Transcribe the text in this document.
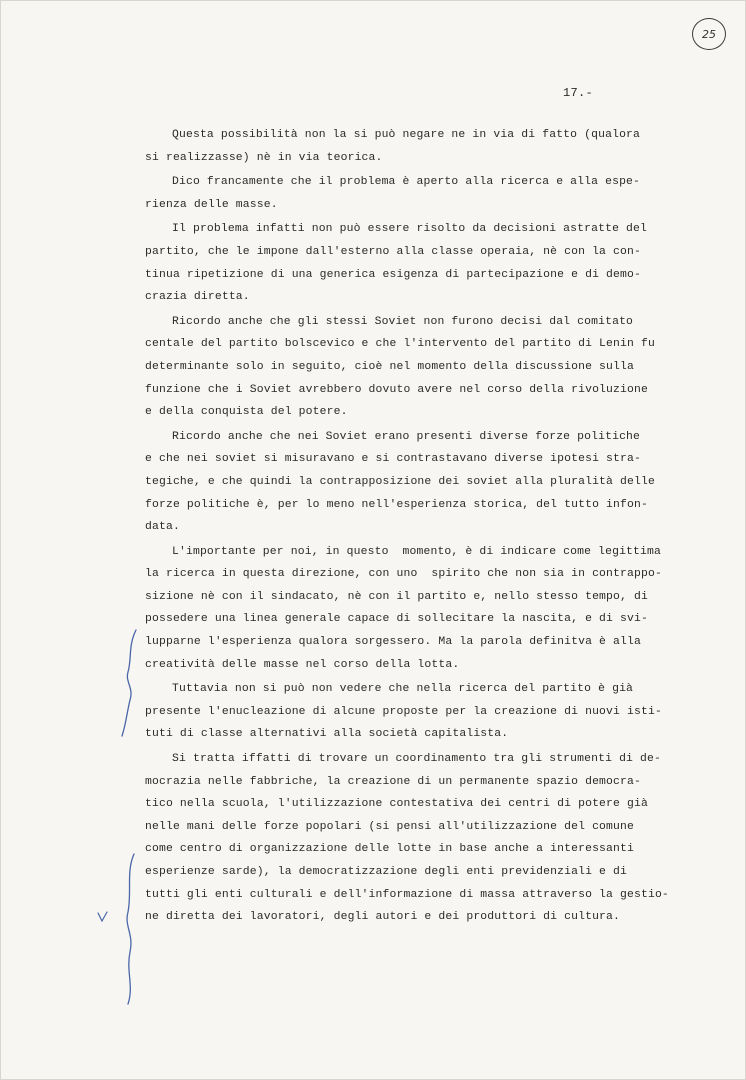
25
17.-
Questa possibilità non la si può negare ne in via di fatto (qualora
si realizzasse) nè in via teorica.
Dico francamente che il problema è aperto alla ricerca e alla espe-
rienza delle masse.
Il problema infatti non può essere risolto da decisioni astratte del
partito, che le impone dall'esterno alla classe operaia, nè con la con-
tinua ripetizione di una generica esigenza di partecipazione e di demo-
crazia diretta.
Ricordo anche che gli stessi Soviet non furono decisi dal comitato
centale del partito bolscevico e che l'intervento del partito di Lenin fu
determinante solo in seguito, cioè nel momento della discussione sulla
funzione che i Soviet avrebbero dovuto avere nel corso della rivoluzione
e della conquista del potere.
Ricordo anche che nei Soviet erano presenti diverse forze politiche
e che nei soviet si misuravano e si contrastavano diverse ipotesi stra-
tegiche, e che quindi la contrapposizione dei soviet alla pluralità delle
forze politiche è, per lo meno nell'esperienza storica, del tutto infon-
data.
L'importante per noi, in questo  momento, è di indicare come legittima
la ricerca in questa direzione, con uno  spirito che non sia in contrappo-
sizione nè con il sindacato, nè con il partito e, nello stesso tempo, di
possedere una linea generale capace di sollecitare la nascita, e di svi-
lupparne l'esperienza qualora sorgessero. Ma la parola definitva è alla
creatività delle masse nel corso della lotta.
Tuttavia non si può non vedere che nella ricerca del partito è già
presente l'enucleazione di alcune proposte per la creazione di nuovi isti-
tuti di classe alternativi alla società capitalista.
Si tratta iffatti di trovare un coordinamento tra gli strumenti di de-
mocrazia nelle fabbriche, la creazione di un permanente spazio democra-
tico nella scuola, l'utilizzazione contestativa dei centri di potere già
nelle mani delle forze popolari (si pensi all'utilizzazione del comune
come centro di organizzazione delle lotte in base anche a interessanti
esperienze sarde), la democratizzazione degli enti previdenziali e di
tutti gli enti culturali e dell'informazione di massa attraverso la gestio-
ne diretta dei lavoratori, degli autori e dei produttori di cultura.
